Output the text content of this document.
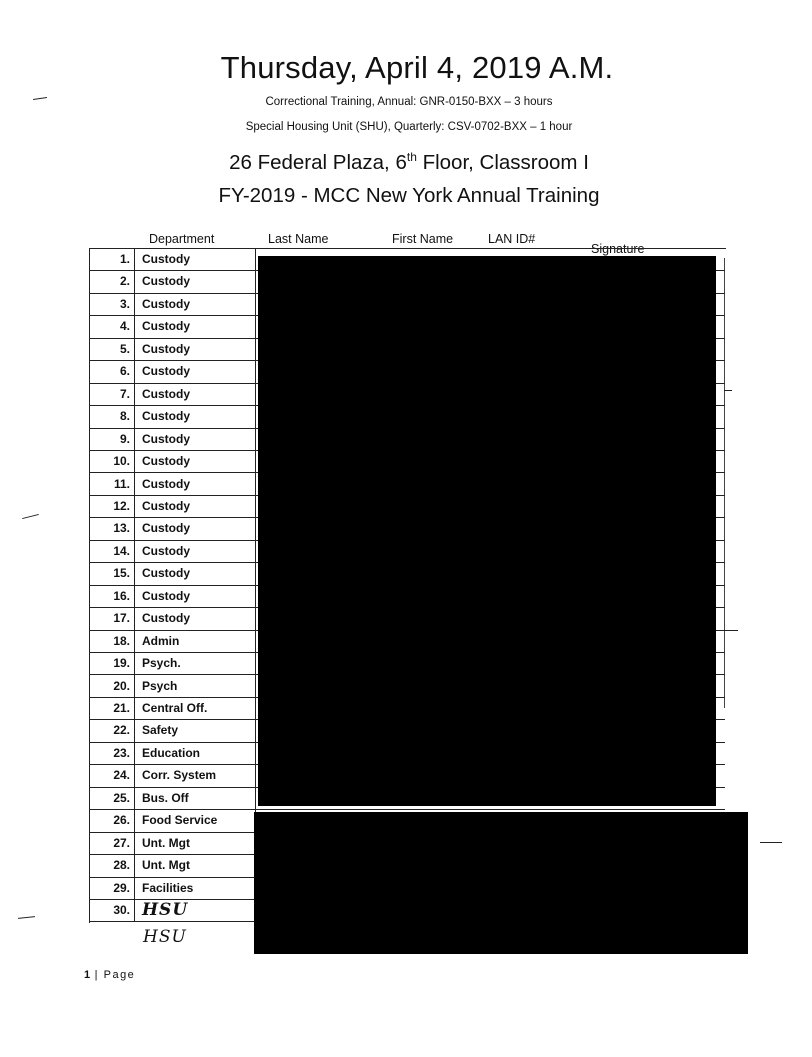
Thursday, April 4, 2019 A.M.
Correctional Training, Annual: GNR-0150-BXX – 3 hours
Special Housing Unit (SHU), Quarterly: CSV-0702-BXX – 1 hour
26 Federal Plaza, 6th Floor, Classroom I
FY-2019 - MCC New York Annual Training
Department	Last Name	First Name	LAN ID#
Signature
1.	Custody
2.	Custody
3.	Custody
4.	Custody
5.	Custody
6.	Custody
7.	Custody
8.	Custody
9.	Custody
10.	Custody
11.	Custody
12.	Custody
13.	Custody
14.	Custody
15.	Custody
16.	Custody
17.	Custody
18.	Admin
19.	Psych.
20.	Psych
21.	Central Off.
22.	Safety
23.	Education
24.	Corr. System
25.	Bus. Off
26.	Food Service
27.	Unt. Mgt
28.	Unt. Mgt
29.	Facilities
30. HSU
HSU
1 | Page
